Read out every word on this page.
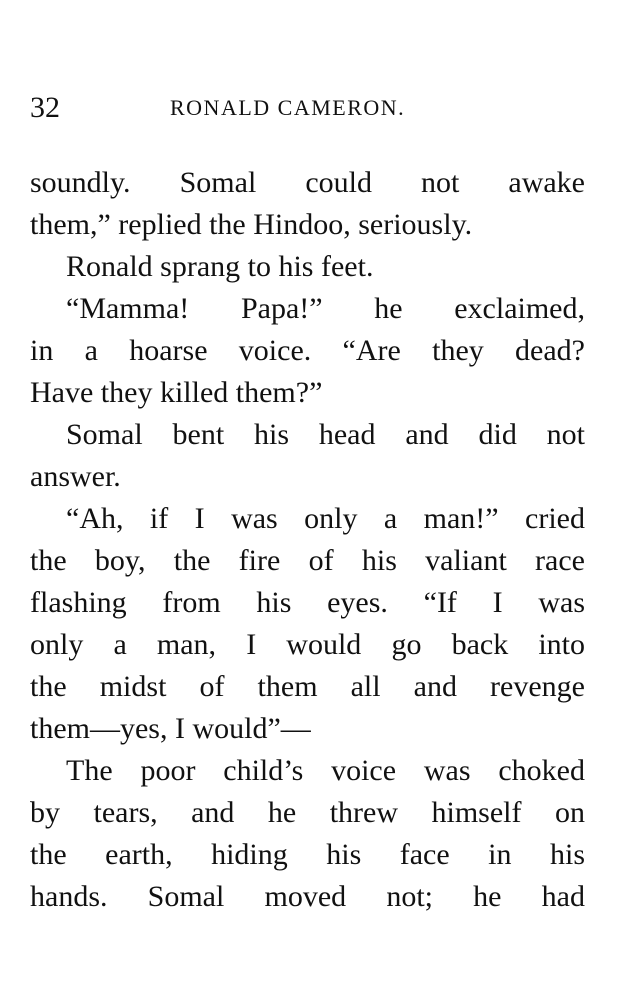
32	RONALD CAMERON.
soundly. Somal could not awake
them,” replied the Hindoo, seriously.
Ronald sprang to his feet.
“Mamma! Papa!” he exclaimed,
in a hoarse voice. “Are they dead?
Have they killed them?”
Somal bent his head and did not
answer.
“Ah, if I was only a man!” cried
the boy, the fire of his valiant race
flashing from his eyes. “If I was
only a man, I would go back into
the midst of them all and revenge
them—yes, I would”—
The poor child’s voice was choked
by tears, and he threw himself on
the earth, hiding his face in his
hands. Somal moved not; he had
